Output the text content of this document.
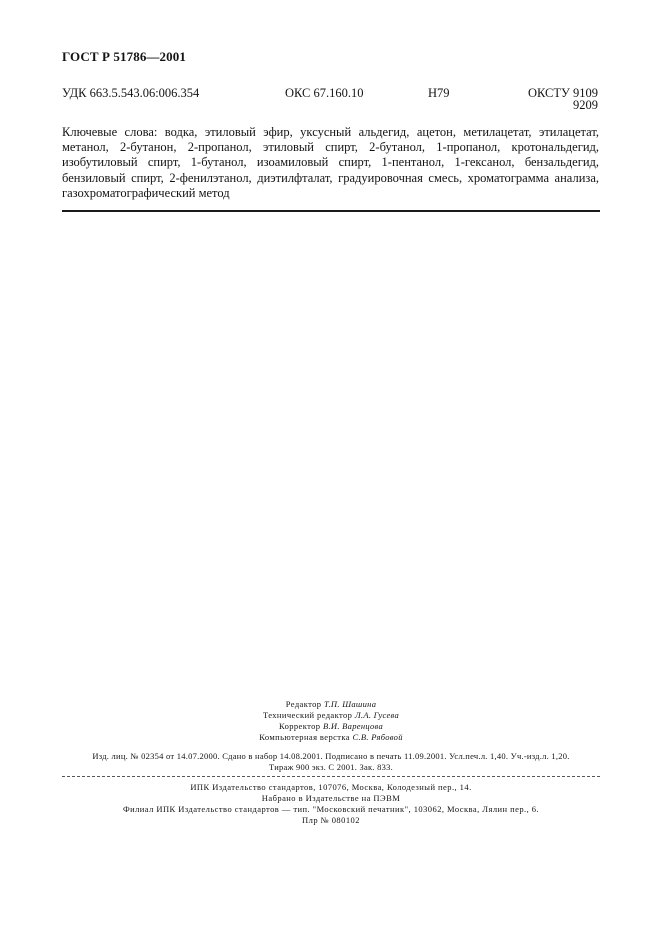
ГОСТ Р 51786—2001
УДК 663.5.543.06:006.354	ОКС 67.160.10	Н79	ОКСТУ 9109
9209
Ключевые слова: водка, этиловый эфир, уксусный альдегид, ацетон, метилацетат, этилацетат, метанол, 2-бутанон, 2-пропанол, этиловый спирт, 2-бутанол, 1-пропанол, кротональдегид, изобутиловый спирт, 1-бутанол, изоамиловый спирт, 1-пентанол, 1-гексанол, бензальдегид, бензиловый спирт, 2-фенилэтанол, диэтилфталат, градуировочная смесь, хроматограмма анализа, газохроматографический метод
Редактор Т.П. Шашина
Технический редактор Л.А. Гусева
Корректор В.И. Варенцова
Компьютерная верстка С.В. Рябовой
Изд. лиц. № 02354 от 14.07.2000. Сдано в набор 14.08.2001. Подписано в печать 11.09.2001. Усл.печ.л. 1,40. Уч.-изд.л. 1,20.
Тираж 900 экз. С 2001. Зак. 833.
ИПК Издательство стандартов, 107076, Москва, Колодезный пер., 14.
Набрано в Издательстве на ПЭВМ
Филиал ИПК Издательство стандартов — тип. "Московский печатник", 103062, Москва, Лялин пер., 6.
Плр № 080102
